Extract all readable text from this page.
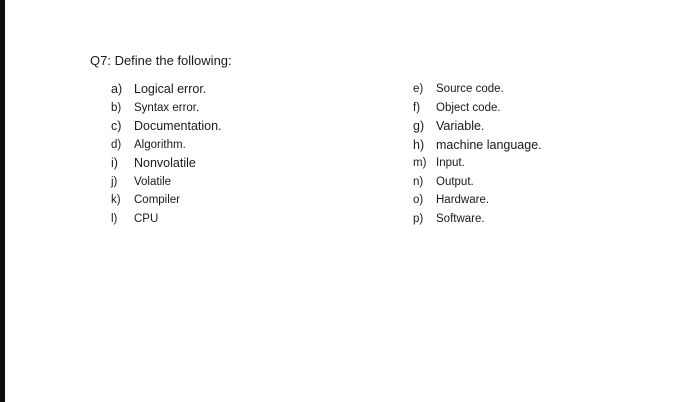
Q7: Define the following:
a) Logical error.
b) Syntax error.
c) Documentation.
d) Algorithm.
i) Nonvolatile
j) Volatile
k) Compiler
l) CPU
e) Source code.
f) Object code.
g) Variable.
h) machine language.
m) Input.
n) Output.
o) Hardware.
p) Software.
